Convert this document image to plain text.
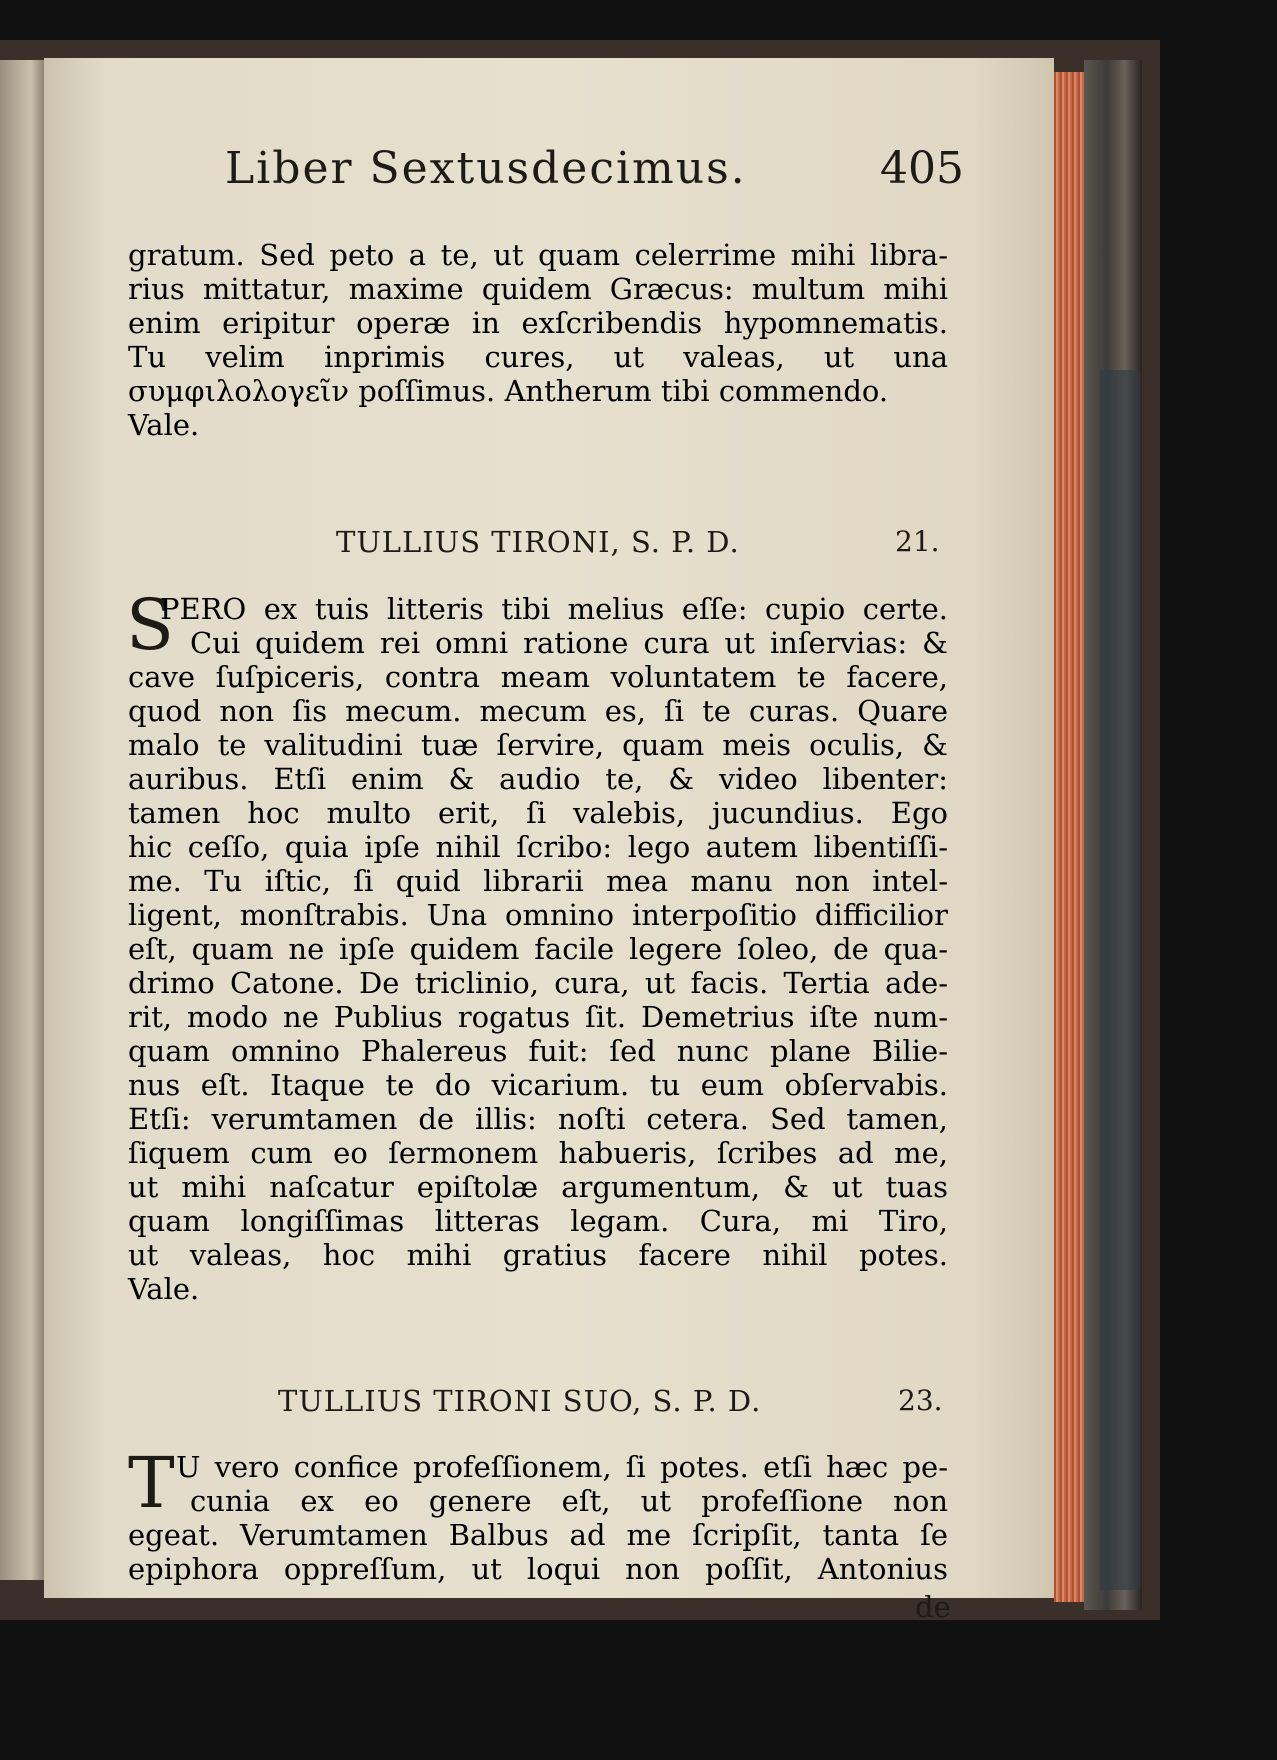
Liber Sextusdecimus.	405
gratum. Sed peto a te, ut quam celerrime mihi libra-
rius mittatur, maxime quidem Græcus: multum mihi
enim eripitur operæ in exſcribendis hypomnematis.
Tu velim inprimis cures, ut valeas, ut una
συμφιλολογεῖν poſſimus. Antherum tibi commendo.
Vale.
TULLIUS TIRONI, S. P. D.	21.
S
PERO ex tuis litteris tibi melius eſſe: cupio certe.
Cui quidem rei omni ratione cura ut inſervias: &
cave ſuſpiceris, contra meam voluntatem te facere,
quod non ſis mecum. mecum es, ſi te curas. Quare
malo te valitudini tuæ ſervire, quam meis oculis, &
auribus. Etſi enim & audio te, & video libenter:
tamen hoc multo erit, ſi valebis, jucundius. Ego
hic ceſſo, quia ipſe nihil ſcribo: lego autem libentiſſi-
me. Tu iſtic, ſi quid librarii mea manu non intel-
ligent, monſtrabis. Una omnino interpoſitio difficilior
eſt, quam ne ipſe quidem facile legere ſoleo, de qua-
drimo Catone. De triclinio, cura, ut facis. Tertia ade-
rit, modo ne Publius rogatus ſit. Demetrius iſte num-
quam omnino Phalereus fuit: ſed nunc plane Bilie-
nus eſt. Itaque te do vicarium. tu eum obſervabis.
Etſi: verumtamen de illis: noſti cetera. Sed tamen,
ſiquem cum eo ſermonem habueris, ſcribes ad me,
ut mihi naſcatur epiſtolæ argumentum, & ut tuas
quam longiſſimas litteras legam. Cura, mi Tiro,
ut valeas, hoc mihi gratius facere nihil potes.
Vale.
TULLIUS TIRONI SUO, S. P. D.	23.
T U vero confice profeſſionem, ſi potes. etſi hæc pe-
cunia ex eo genere eſt, ut profeſſione non
egeat. Verumtamen Balbus ad me ſcripſit, tanta ſe
epiphora oppreſſum, ut loqui non poſſit, Antonius
de
